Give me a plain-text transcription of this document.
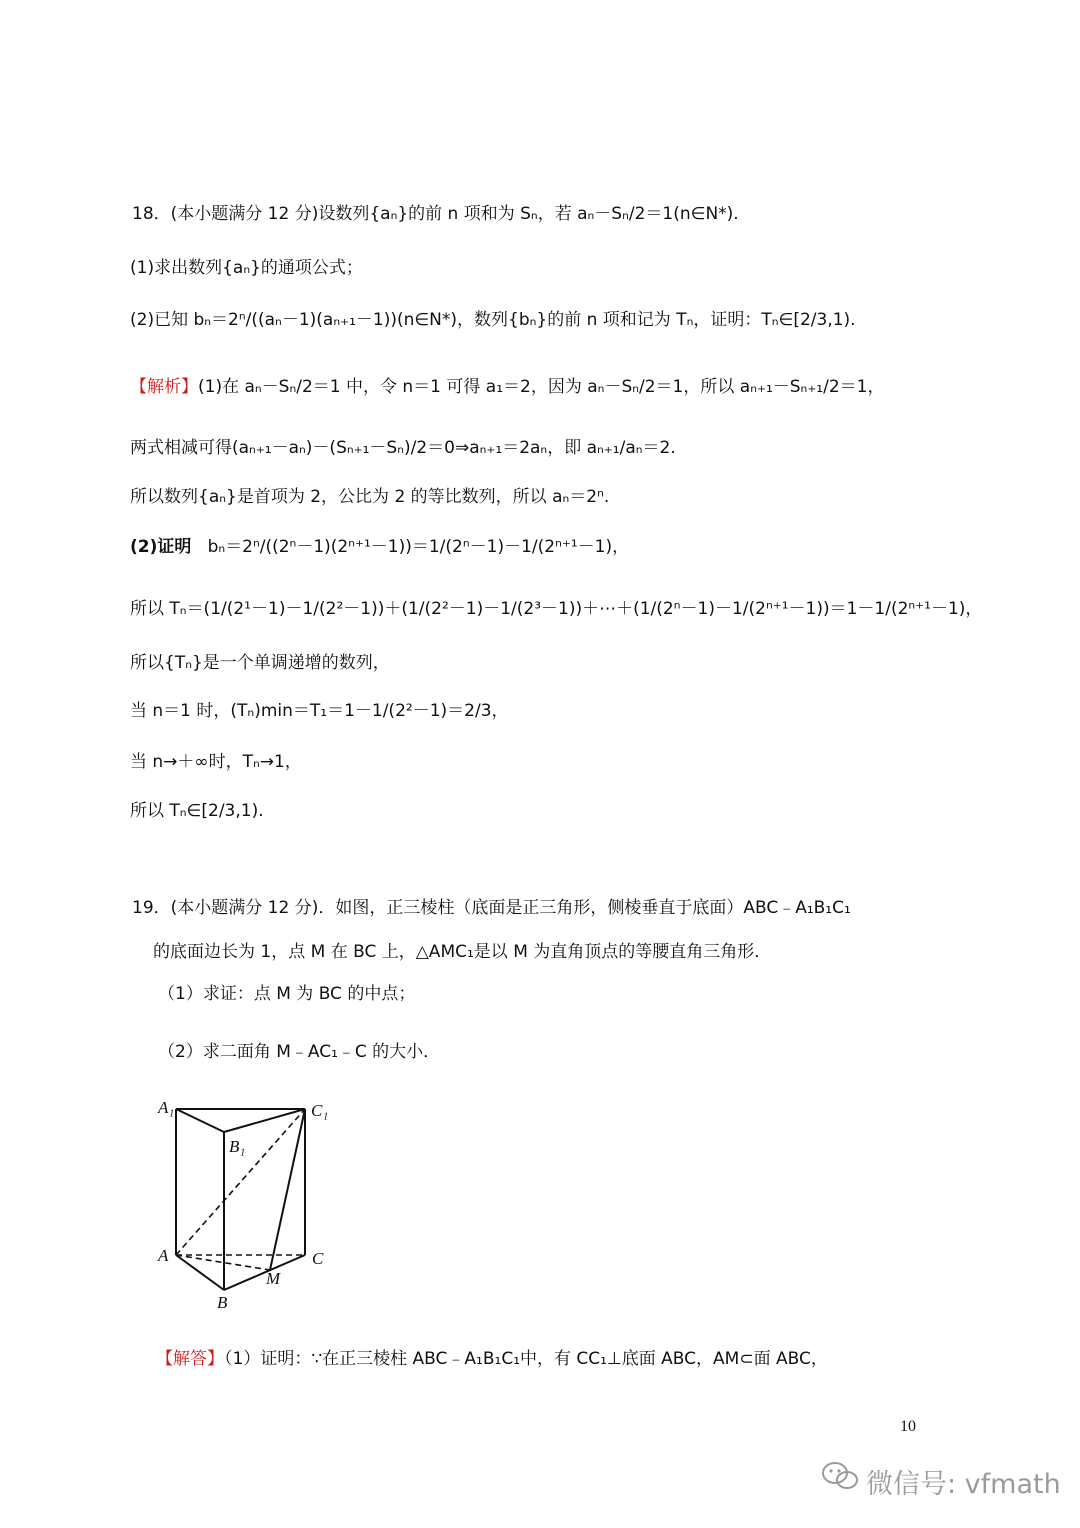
18．(本小题满分 12 分)设数列{aₙ}的前 n 项和为 Sₙ，若 aₙ－Sₙ/2＝1(n∈N*).
(1)求出数列{aₙ}的通项公式；
(2)已知 bₙ＝2ⁿ/((aₙ－1)(aₙ₊₁－1))(n∈N*)，数列{bₙ}的前 n 项和记为 Tₙ，证明：Tₙ∈[2/3,1).
【解析】(1)在 aₙ－Sₙ/2＝1 中，令 n＝1 可得 a₁＝2，因为 aₙ－Sₙ/2＝1，所以 aₙ₊₁－Sₙ₊₁/2＝1，
两式相减可得(aₙ₊₁－aₙ)－(Sₙ₊₁－Sₙ)/2＝0⇒aₙ₊₁＝2aₙ，即 aₙ₊₁/aₙ＝2.
所以数列{aₙ}是首项为 2，公比为 2 的等比数列，所以 aₙ＝2ⁿ.
(2)证明 bₙ＝2ⁿ/((2ⁿ－1)(2ⁿ⁺¹－1))＝1/(2ⁿ－1)－1/(2ⁿ⁺¹－1)，
所以 Tₙ＝(1/(2¹－1)－1/(2²－1))＋(1/(2²－1)－1/(2³－1))＋⋯＋(1/(2ⁿ－1)－1/(2ⁿ⁺¹－1))＝1－1/(2ⁿ⁺¹－1)，
所以{Tₙ}是一个单调递增的数列，
当 n＝1 时，(Tₙ)min＝T₁＝1－1/(2²－1)＝2/3，
当 n→＋∞时，Tₙ→1，
所以 Tₙ∈[2/3,1).
19．(本小题满分 12 分)．如图，正三棱柱（底面是正三角形，侧棱垂直于底面）ABC﹣A₁B₁C₁
的底面边长为 1，点 M 在 BC 上，△AMC₁是以 M 为直角顶点的等腰直角三角形．
（1）求证：点 M 为 BC 的中点；
（2）求二面角 M﹣AC₁﹣C 的大小．
A₁	C₁
B₁
A	C
M
B
【解答】（1）证明：∵在正三棱柱 ABC﹣A₁B₁C₁中，有 CC₁⊥底面 ABC，AM⊂面 ABC，
10
微信号: vfmath
